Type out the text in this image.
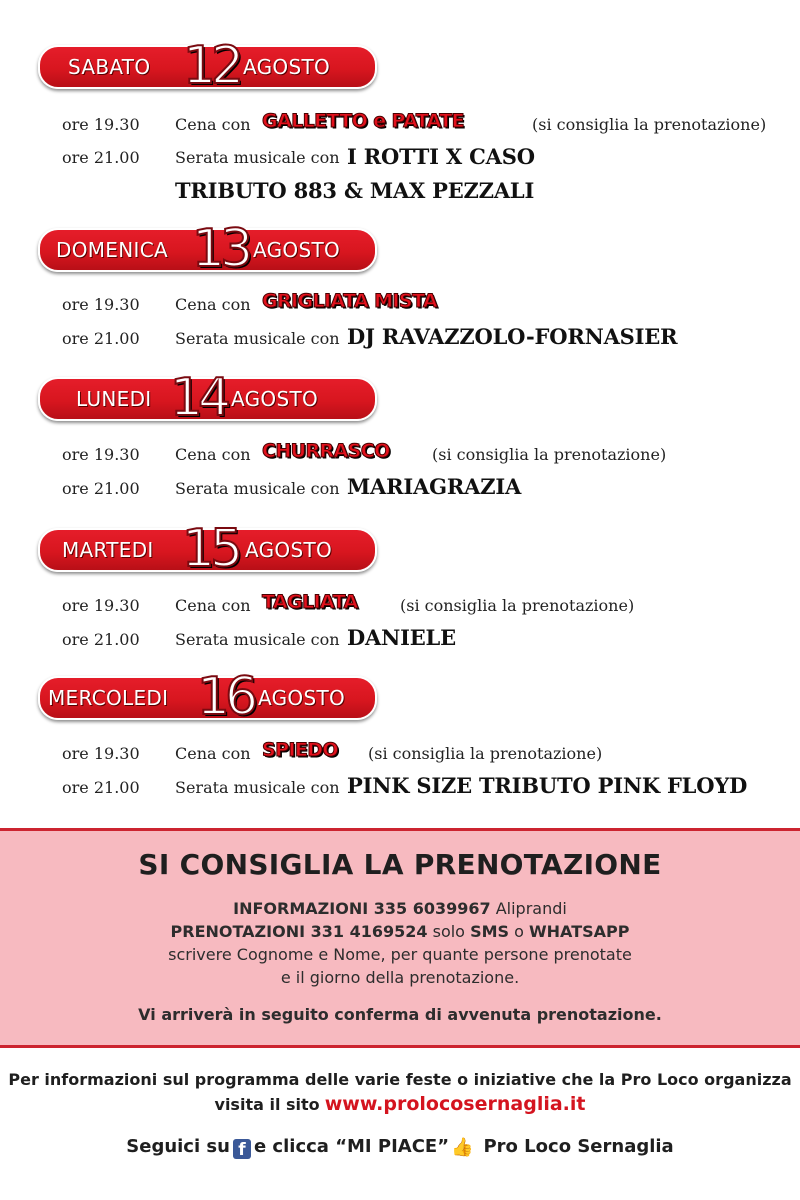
SABATO 12 AGOSTO
ore 19.30 Cena con GALLETTO e PATATE	(si consiglia la prenotazione)
ore 21.00 Serata musicale con I ROTTI X CASO
TRIBUTO 883 & MAX PEZZALI
DOMENICA 13 AGOSTO
ore 19.30 Cena con GRIGLIATA MISTA
ore 21.00 Serata musicale con DJ RAVAZZOLO-FORNASIER
LUNEDI 14 AGOSTO
ore 19.30 Cena con CHURRASCO	(si consiglia la prenotazione)
ore 21.00 Serata musicale con MARIAGRAZIA
MARTEDI 15 AGOSTO
ore 19.30 Cena con TAGLIATA	(si consiglia la prenotazione)
ore 21.00 Serata musicale con DANIELE
MERCOLEDI 16 AGOSTO
ore 19.30 Cena con SPIEDO (si consiglia la prenotazione)
ore 21.00 Serata musicale con PINK SIZE TRIBUTO PINK FLOYD
SI CONSIGLIA LA PRENOTAZIONE
INFORMAZIONI 335 6039967 Aliprandi
PRENOTAZIONI 331 4169524 solo SMS o WHATSAPP
scrivere Cognome e Nome, per quante persone prenotate
e il giorno della prenotazione.
Vi arriverà in seguito conferma di avvenuta prenotazione.
Per informazioni sul programma delle varie feste o iniziative che la Pro Loco organizza
visita il sito www.prolocosernaglia.it
Seguici su f e clicca “MI PIACE” 👍 Pro Loco Sernaglia
